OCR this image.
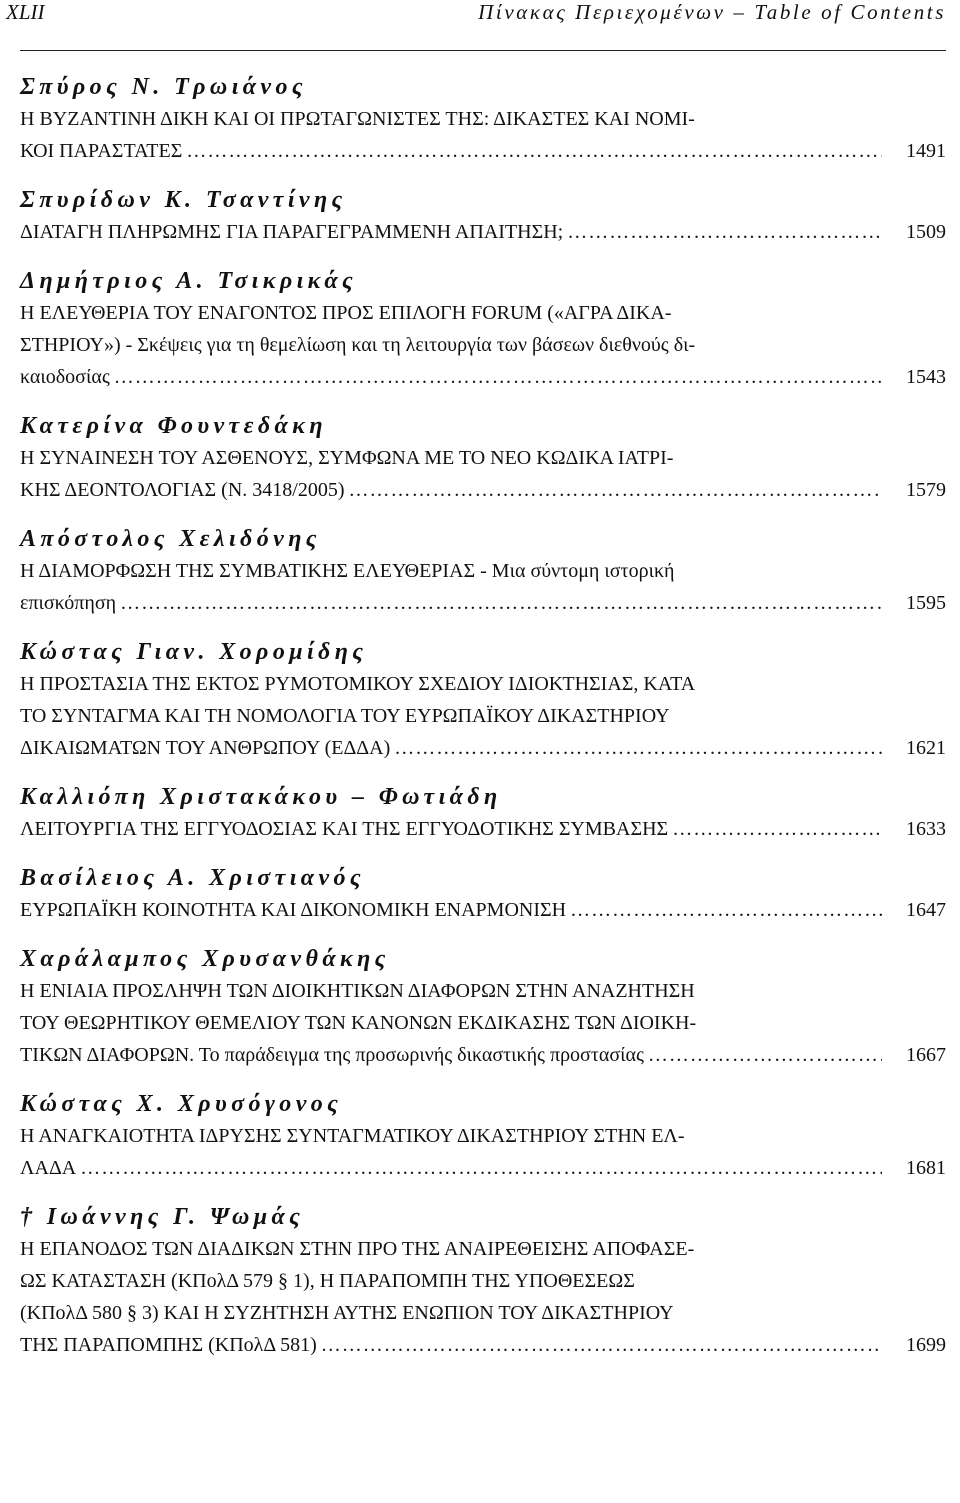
XLII	Πίνακας Περιεχομένων – Table of Contents
Σπύρος Ν. Τρωιάνος
Η ΒΥΖΑΝΤΙΝΗ ΔΙΚΗ ΚΑΙ ΟΙ ΠΡΩΤΑΓΩΝΙΣΤΕΣ ΤΗΣ: ΔΙΚΑΣΤΕΣ ΚΑΙ ΝΟΜΙ-
ΚΟΙ ΠΑΡΑΣΤΑΤΕΣ ………………………………………………………………………………………………………………………………………………………………………………	1491
Σπυρίδων Κ. Τσαντίνης
ΔΙΑΤΑΓΗ ΠΛΗΡΩΜΗΣ ΓΙΑ ΠΑΡΑΓΕΓΡΑΜΜΕΝΗ ΑΠΑΙΤΗΣΗ; ………………………………………………………………………………………………………………………………………………………………………………	1509
Δημήτριος Α. Τσικρικάς
Η ΕΛΕΥΘΕΡΙΑ ΤΟΥ ΕΝΑΓΟΝΤΟΣ ΠΡΟΣ ΕΠΙΛΟΓΗ FORUM («ΑΓΡΑ ΔΙΚΑ-
ΣΤΗΡΙΟΥ») - Σκέψεις για τη θεμελίωση και τη λειτουργία των βάσεων διεθνούς δι-
καιοδοσίας ………………………………………………………………………………………………………………………………………………………………………………	1543
Κατερίνα Φουντεδάκη
Η ΣΥΝΑΙΝΕΣΗ ΤΟΥ ΑΣΘΕΝΟΥΣ, ΣΥΜΦΩΝΑ ΜΕ ΤΟ ΝΕΟ ΚΩΔΙΚΑ ΙΑΤΡΙ-
ΚΗΣ ΔΕΟΝΤΟΛΟΓΙΑΣ (Ν. 3418/2005) ………………………………………………………………………………………………………………………………………………………………………………	1579
Απόστολος Χελιδόνης
Η ΔΙΑΜΟΡΦΩΣΗ ΤΗΣ ΣΥΜΒΑΤΙΚΗΣ ΕΛΕΥΘΕΡΙΑΣ - Μια σύντομη ιστορική
επισκόπηση ………………………………………………………………………………………………………………………………………………………………………………	1595
Κώστας Γιαν. Χορομίδης
Η ΠΡΟΣΤΑΣΙΑ ΤΗΣ ΕΚΤΟΣ ΡΥΜΟΤΟΜΙΚΟΥ ΣΧΕΔΙΟΥ ΙΔΙΟΚΤΗΣΙΑΣ, ΚΑΤΑ
ΤΟ ΣΥΝΤΑΓΜΑ ΚΑΙ ΤΗ ΝΟΜΟΛΟΓΙΑ ΤΟΥ ΕΥΡΩΠΑΪΚΟΥ ΔΙΚΑΣΤΗΡΙΟΥ
ΔΙΚΑΙΩΜΑΤΩΝ ΤΟΥ ΑΝΘΡΩΠΟΥ (ΕΔΔΑ) ………………………………………………………………………………………………………………………………………………………………………………	1621
Καλλιόπη Χριστακάκου – Φωτιάδη
ΛΕΙΤΟΥΡΓΙΑ ΤΗΣ ΕΓΓΥΟΔΟΣΙΑΣ ΚΑΙ ΤΗΣ ΕΓΓΥΟΔΟΤΙΚΗΣ ΣΥΜΒΑΣΗΣ ………………………………………………………………………………………………………………………………………………………………………………	1633
Βασίλειος Α. Χριστιανός
ΕΥΡΩΠΑΪΚΗ ΚΟΙΝΟΤΗΤΑ ΚΑΙ ΔΙΚΟΝΟΜΙΚΗ ΕΝΑΡΜΟΝΙΣΗ ………………………………………………………………………………………………………………………………………………………………………………	1647
Χαράλαμπος Χρυσανθάκης
Η ΕΝΙΑΙΑ ΠΡΟΣΛΗΨΗ ΤΩΝ ΔΙΟΙΚΗΤΙΚΩΝ ΔΙΑΦΟΡΩΝ ΣΤΗΝ ΑΝΑΖΗΤΗΣΗ
ΤΟΥ ΘΕΩΡΗΤΙΚΟΥ ΘΕΜΕΛΙΟΥ ΤΩΝ ΚΑΝΟΝΩΝ ΕΚΔΙΚΑΣΗΣ ΤΩΝ ΔΙΟΙΚΗ-
ΤΙΚΩΝ ΔΙΑΦΟΡΩΝ. Το παράδειγμα της προσωρινής δικαστικής προστασίας ………………………………………………………………………………………………………………………………………………………………………………	1667
Κώστας Χ. Χρυσόγονος
Η ΑΝΑΓΚΑΙΟΤΗΤΑ ΙΔΡΥΣΗΣ ΣΥΝΤΑΓΜΑΤΙΚΟΥ ΔΙΚΑΣΤΗΡΙΟΥ ΣΤΗΝ ΕΛ-
ΛΑΔΑ ………………………………………………………………………………………………………………………………………………………………………………	1681
† Ιωάννης Γ. Ψωμάς
Η ΕΠΑΝΟΔΟΣ ΤΩΝ ΔΙΑΔΙΚΩΝ ΣΤΗΝ ΠΡΟ ΤΗΣ ΑΝΑΙΡΕΘΕΙΣΗΣ ΑΠΟΦΑΣΕ-
ΩΣ ΚΑΤΑΣΤΑΣΗ (ΚΠολΔ 579 § 1), Η ΠΑΡΑΠΟΜΠΗ ΤΗΣ ΥΠΟΘΕΣΕΩΣ
(ΚΠολΔ 580 § 3) ΚΑΙ Η ΣΥΖΗΤΗΣΗ ΑΥΤΗΣ ΕΝΩΠΙΟΝ ΤΟΥ ΔΙΚΑΣΤΗΡΙΟΥ
ΤΗΣ ΠΑΡΑΠΟΜΠΗΣ (ΚΠολΔ 581) ………………………………………………………………………………………………………………………………………………………………………………	1699
